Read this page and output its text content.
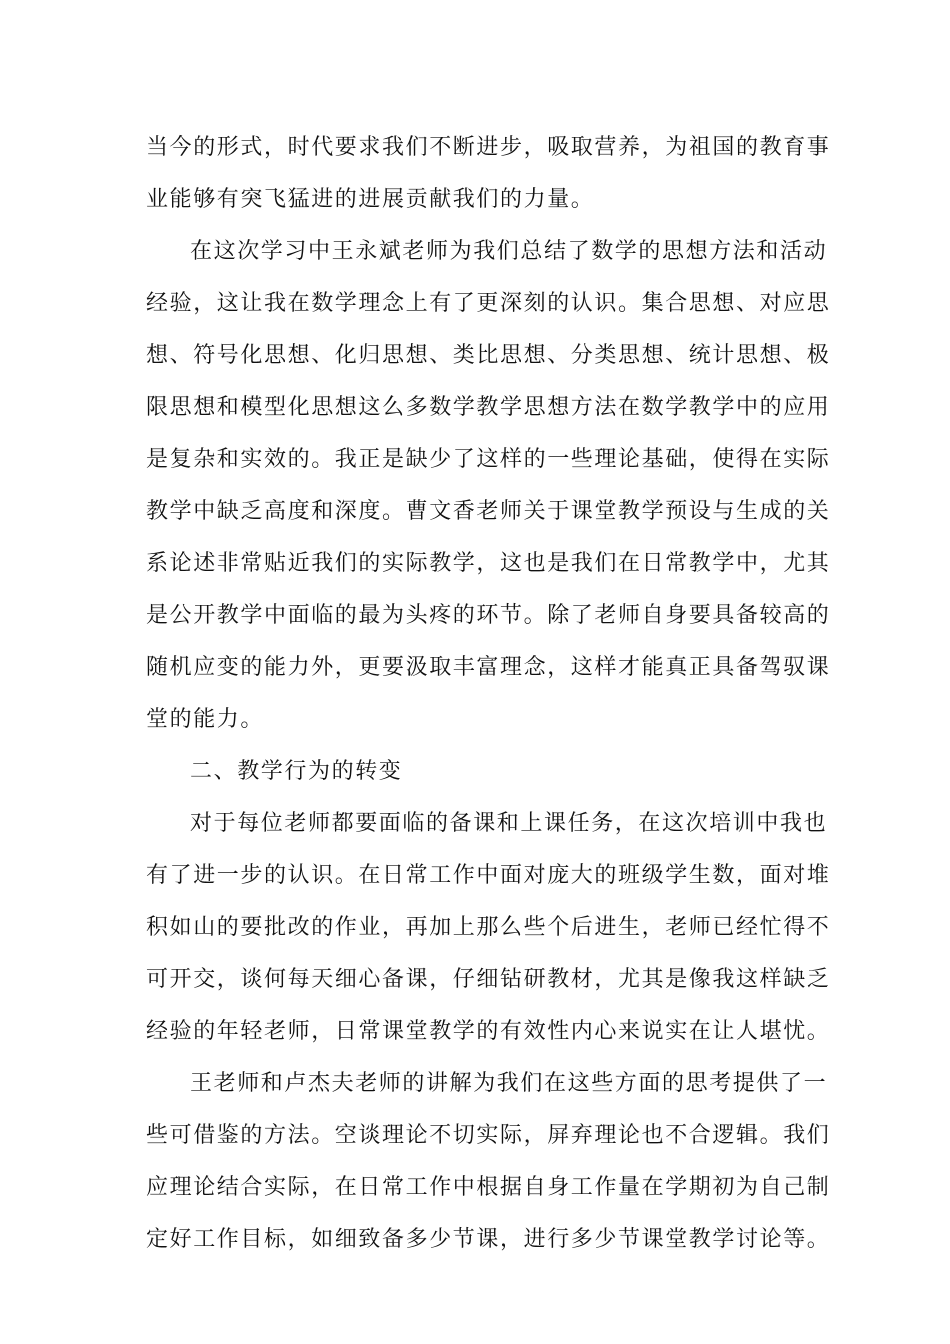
当今的形式，时代要求我们不断进步，吸取营养，为祖国的教育事
业能够有突飞猛进的进展贡献我们的力量。
在这次学习中王永斌老师为我们总结了数学的思想方法和活动
经验，这让我在数学理念上有了更深刻的认识。集合思想、对应思
想、符号化思想、化归思想、类比思想、分类思想、统计思想、极
限思想和模型化思想这么多数学教学思想方法在数学教学中的应用
是复杂和实效的。我正是缺少了这样的一些理论基础，使得在实际
教学中缺乏高度和深度。曹文香老师关于课堂教学预设与生成的关
系论述非常贴近我们的实际教学，这也是我们在日常教学中，尤其
是公开教学中面临的最为头疼的环节。除了老师自身要具备较高的
随机应变的能力外，更要汲取丰富理念，这样才能真正具备驾驭课
堂的能力。
二、教学行为的转变
对于每位老师都要面临的备课和上课任务，在这次培训中我也
有了进一步的认识。在日常工作中面对庞大的班级学生数，面对堆
积如山的要批改的作业，再加上那么些个后进生，老师已经忙得不
可开交，谈何每天细心备课，仔细钻研教材，尤其是像我这样缺乏
经验的年轻老师，日常课堂教学的有效性内心来说实在让人堪忧。
王老师和卢杰夫老师的讲解为我们在这些方面的思考提供了一
些可借鉴的方法。空谈理论不切实际，屏弃理论也不合逻辑。我们
应理论结合实际，在日常工作中根据自身工作量在学期初为自己制
定好工作目标，如细致备多少节课，进行多少节课堂教学讨论等。
